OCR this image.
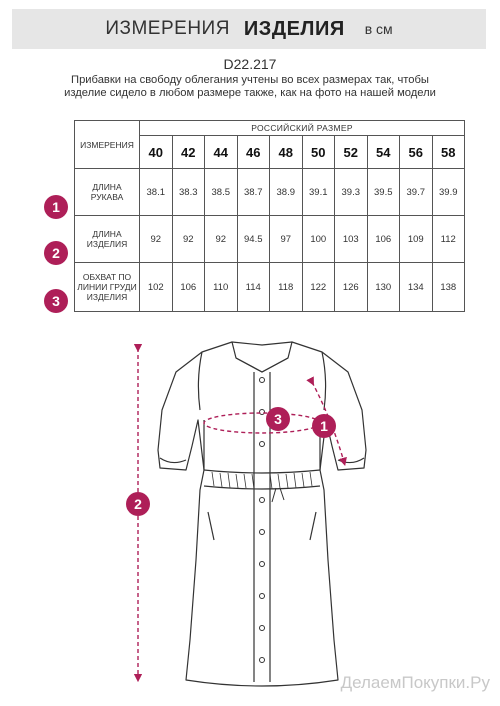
ИЗМЕРЕНИЯ ИЗДЕЛИЯ в см
D22.217
Прибавки на свободу облегания учтены во всех размерах так, чтобы изделие сидело в любом размере также, как на фото на нашей модели
ИЗМЕРЕНИЯ	РОССИЙСКИЙ РАЗМЕР									
	40	42	44	46	48	50	52	54	56	58
ДЛИНА РУКАВА	38.1	38.3	38.5	38.7	38.9	39.1	39.3	39.5	39.7	39.9
ДЛИНА ИЗДЕЛИЯ	92	92	92	94.5	97	100	103	106	109	112
ОБХВАТ ПО ЛИНИИ ГРУДИ ИЗДЕЛИЯ	102	106	110	114	118	122	126	130	134	138
1
2
3
2
3	1
ДелаемПокупки.Ру
